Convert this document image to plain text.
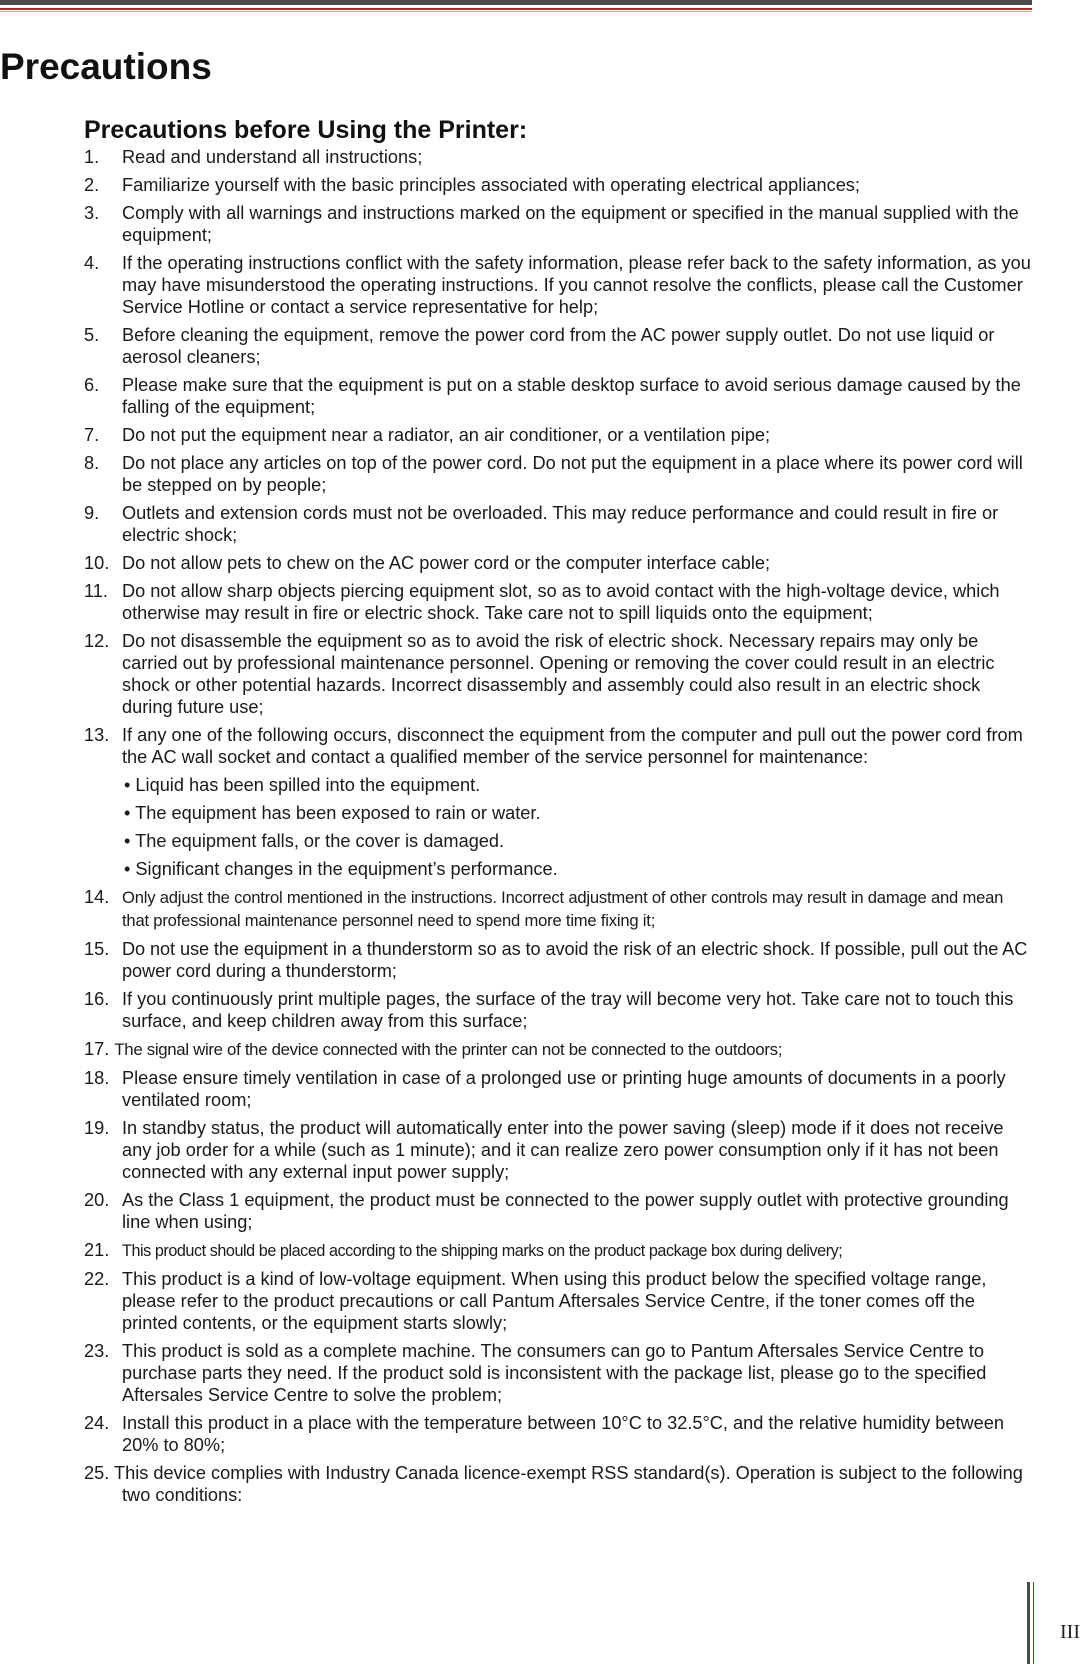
Precautions
Precautions before Using the Printer:
1. Read and understand all instructions;
2. Familiarize yourself with the basic principles associated with operating electrical appliances;
3. Comply with all warnings and instructions marked on the equipment or specified in the manual supplied with the equipment;
4. If the operating instructions conflict with the safety information, please refer back to the safety information, as you may have misunderstood the operating instructions. If you cannot resolve the conflicts, please call the Customer Service Hotline or contact a service representative for help;
5. Before cleaning the equipment, remove the power cord from the AC power supply outlet. Do not use liquid or aerosol cleaners;
6. Please make sure that the equipment is put on a stable desktop surface to avoid serious damage caused by the falling of the equipment;
7. Do not put the equipment near a radiator, an air conditioner, or a ventilation pipe;
8. Do not place any articles on top of the power cord. Do not put the equipment in a place where its power cord will be stepped on by people;
9. Outlets and extension cords must not be overloaded. This may reduce performance and could result in fire or electric shock;
10. Do not allow pets to chew on the AC power cord or the computer interface cable;
11. Do not allow sharp objects piercing equipment slot, so as to avoid contact with the high-voltage device, which otherwise may result in fire or electric shock. Take care not to spill liquids onto the equipment;
12. Do not disassemble the equipment so as to avoid the risk of electric shock. Necessary repairs may only be carried out by professional maintenance personnel. Opening or removing the cover could result in an electric shock or other potential hazards. Incorrect disassembly and assembly could also result in an electric shock during future use;
13. If any one of the following occurs, disconnect the equipment from the computer and pull out the power cord from the AC wall socket and contact a qualified member of the service personnel for maintenance:
• Liquid has been spilled into the equipment.
• The equipment has been exposed to rain or water.
• The equipment falls, or the cover is damaged.
• Significant changes in the equipment’s performance.
14. Only adjust the control mentioned in the instructions. Incorrect adjustment of other controls may result in damage and mean that professional maintenance personnel need to spend more time fixing it;
15. Do not use the equipment in a thunderstorm so as to avoid the risk of an electric shock. If possible, pull out the AC power cord during a thunderstorm;
16. If you continuously print multiple pages, the surface of the tray will become very hot. Take care not to touch this surface, and keep children away from this surface;
17. The signal wire of the device connected with the printer can not be connected to the outdoors;
18. Please ensure timely ventilation in case of a prolonged use or printing huge amounts of documents in a poorly ventilated room;
19. In standby status, the product will automatically enter into the power saving (sleep) mode if it does not receive any job order for a while (such as 1 minute); and it can realize zero power consumption only if it has not been connected with any external input power supply;
20. As the Class 1 equipment, the product must be connected to the power supply outlet with protective grounding line when using;
21. This product should be placed according to the shipping marks on the product package box during delivery;
22. This product is a kind of low-voltage equipment. When using this product below the specified voltage range, please refer to the product precautions or call Pantum Aftersales Service Centre, if the toner comes off the printed contents, or the equipment starts slowly;
23. This product is sold as a complete machine. The consumers can go to Pantum Aftersales Service Centre to purchase parts they need. If the product sold is inconsistent with the package list, please go to the specified Aftersales Service Centre to solve the problem;
24. Install this product in a place with the temperature between 10°C to 32.5°C, and the relative humidity between 20% to 80%;
25. This device complies with Industry Canada licence-exempt RSS standard(s). Operation is subject to the following two conditions:
III
